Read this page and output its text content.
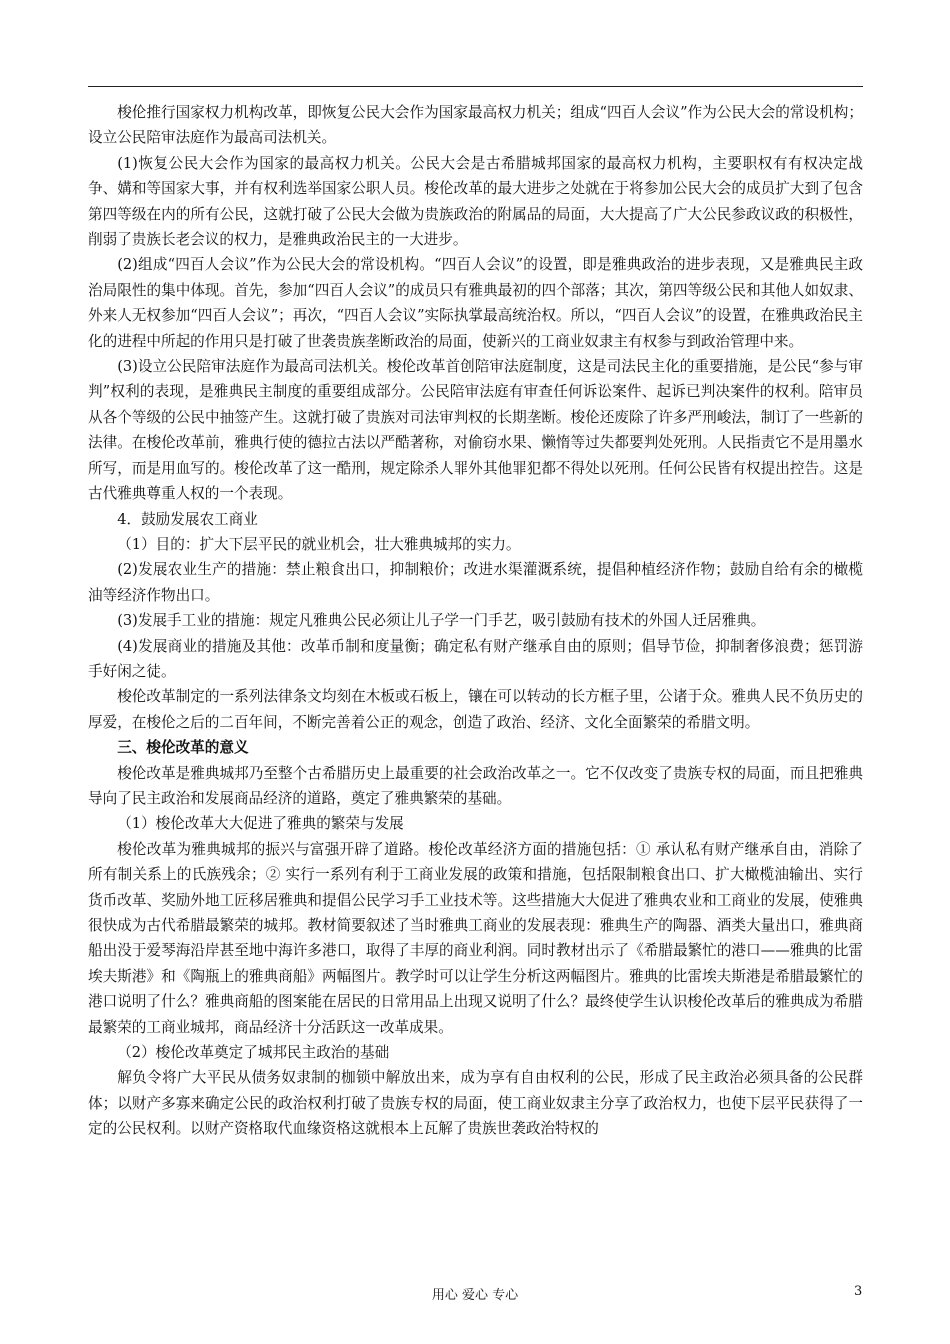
梭伦推行国家权力机构改革，即恢复公民大会作为国家最高权力机关；组成“四百人会议”作为公民大会的常设机构；设立公民陪审法庭作为最高司法机关。

(1)恢复公民大会作为国家的最高权力机关。公民大会是古希腊城邦国家的最高权力机构，主要职权有有权决定战争、媾和等国家大事，并有权利选举国家公职人员。梭伦改革的最大进步之处就在于将参加公民大会的成员扩大到了包含第四等级在内的所有公民，这就打破了公民大会做为贵族政治的附属品的局面，大大提高了广大公民参政议政的积极性，削弱了贵族长老会议的权力，是雅典政治民主的一大进步。

(2)组成“四百人会议”作为公民大会的常设机构。“四百人会议”的设置，即是雅典政治的进步表现，又是雅典民主政治局限性的集中体现。首先，参加“四百人会议”的成员只有雅典最初的四个部落；其次，第四等级公民和其他人如奴隶、外来人无权参加“四百人会议”；再次，“四百人会议”实际执掌最高统治权。所以，“四百人会议”的设置，在雅典政治民主化的进程中所起的作用只是打破了世袭贵族垄断政治的局面，使新兴的工商业奴隶主有权参与到政治管理中来。

(3)设立公民陪审法庭作为最高司法机关。梭伦改革首创陪审法庭制度，这是司法民主化的重要措施，是公民“参与审判”权利的表现，是雅典民主制度的重要组成部分。公民陪审法庭有审查任何诉讼案件、起诉已判决案件的权利。陪审员从各个等级的公民中抽签产生。这就打破了贵族对司法审判权的长期垄断。梭伦还废除了许多严刑峻法，制订了一些新的法律。在梭伦改革前，雅典行使的德拉古法以严酷著称，对偷窃水果、懒惰等过失都要判处死刑。人民指责它不是用墨水所写，而是用血写的。梭伦改革了这一酷刑，规定除杀人罪外其他罪犯都不得处以死刑。任何公民皆有权提出控告。这是古代雅典尊重人权的一个表现。

4．鼓励发展农工商业

（1）目的：扩大下层平民的就业机会，壮大雅典城邦的实力。

(2)发展农业生产的措施：禁止粮食出口，抑制粮价；改进水渠灌溉系统，提倡种植经济作物；鼓励自给有余的橄榄油等经济作物出口。

(3)发展手工业的措施：规定凡雅典公民必须让儿子学一门手艺，吸引鼓励有技术的外国人迁居雅典。

(4)发展商业的措施及其他：改革币制和度量衡；确定私有财产继承自由的原则；倡导节俭，抑制奢侈浪费；惩罚游手好闲之徒。

梭伦改革制定的一系列法律条文均刻在木板或石板上，镶在可以转动的长方框子里，公诸于众。雅典人民不负历史的厚爱，在梭伦之后的二百年间，不断完善着公正的观念，创造了政治、经济、文化全面繁荣的希腊文明。

三、梭伦改革的意义

梭伦改革是雅典城邦乃至整个古希腊历史上最重要的社会政治改革之一。它不仅改变了贵族专权的局面，而且把雅典导向了民主政治和发展商品经济的道路，奠定了雅典繁荣的基础。

（1）梭伦改革大大促进了雅典的繁荣与发展

梭伦改革为雅典城邦的振兴与富强开辟了道路。梭伦改革经济方面的措施包括：① 承认私有财产继承自由，消除了所有制关系上的氏族残余；② 实行一系列有利于工商业发展的政策和措施，包括限制粮食出口、扩大橄榄油输出、实行货币改革、奖励外地工匠移居雅典和提倡公民学习手工业技术等。这些措施大大促进了雅典农业和工商业的发展，使雅典很快成为古代希腊最繁荣的城邦。教材简要叙述了当时雅典工商业的发展表现：雅典生产的陶器、酒类大量出口，雅典商船出没于爱琴海沿岸甚至地中海许多港口，取得了丰厚的商业利润。同时教材出示了《希腊最繁忙的港口——雅典的比雷埃夫斯港》和《陶瓶上的雅典商船》两幅图片。教学时可以让学生分析这两幅图片。雅典的比雷埃夫斯港是希腊最繁忙的港口说明了什么？雅典商船的图案能在居民的日常用品上出现又说明了什么？最终使学生认识梭伦改革后的雅典成为希腊最繁荣的工商业城邦，商品经济十分活跃这一改革成果。

（2）梭伦改革奠定了城邦民主政治的基础

解负令将广大平民从债务奴隶制的枷锁中解放出来，成为享有自由权利的公民，形成了民主政治必须具备的公民群体；以财产多寡来确定公民的政治权利打破了贵族专权的局面，使工商业奴隶主分享了政治权力，也使下层平民获得了一定的公民权利。以财产资格取代血缘资格这就根本上瓦解了贵族世袭政治特权的

用心 爱心 专心	3
